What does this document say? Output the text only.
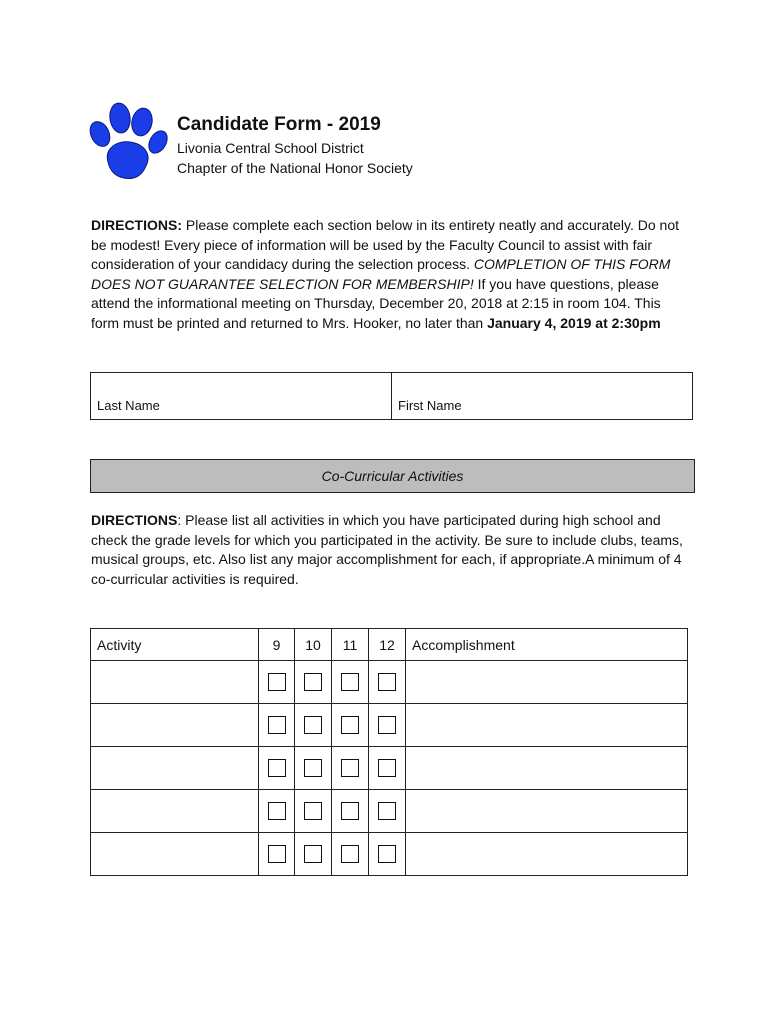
Candidate Form - 2019
Livonia Central School District
Chapter of the National Honor Society

DIRECTIONS: Please complete each section below in its entirety neatly and accurately. Do not be modest! Every piece of information will be used by the Faculty Council to assist with fair consideration of your candidacy during the selection process. COMPLETION OF THIS FORM DOES NOT GUARANTEE SELECTION FOR MEMBERSHIP! If you have questions, please attend the informational meeting on Thursday, December 20, 2018 at 2:15 in room 104. This form must be printed and returned to Mrs. Hooker, no later than January 4, 2019 at 2:30pm

Last Name	First Name
Co-Curricular Activities

DIRECTIONS: Please list all activities in which you have participated during high school and check the grade levels for which you participated in the activity. Be sure to include clubs, teams, musical groups, etc. Also list any major accomplishment for each, if appropriate.A minimum of 4 co-curricular activities is required.

Activity	9	10	11	12	Accomplishment
